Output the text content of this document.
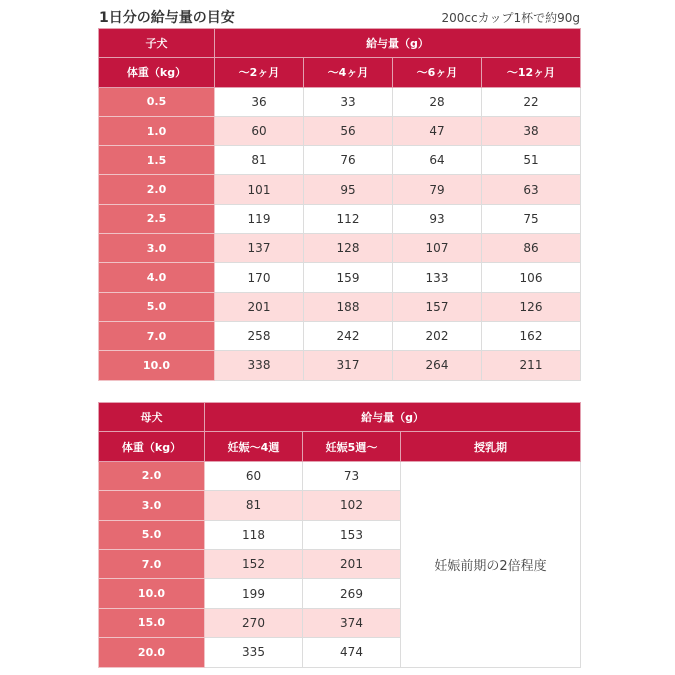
1日分の給与量の目安	200ccカップ1杯で約90g
子犬	給与量（g）			
体重（kg）	～2ヶ月	～4ヶ月	～6ヶ月	～12ヶ月
0.5	36	33	28	22
1.0	60	56	47	38
1.5	81	76	64	51
2.0	101	95	79	63
2.5	119	112	93	75
3.0	137	128	107	86
4.0	170	159	133	106
5.0	201	188	157	126
7.0	258	242	202	162
10.0	338	317	264	211
母犬	給与量（g）		
体重（kg）	妊娠～4週	妊娠5週～	授乳期
2.0	60	73	妊娠前期の2倍程度
3.0	81	102	
5.0	118	153	
7.0	152	201	
10.0	199	269	
15.0	270	374	
20.0	335	474	
